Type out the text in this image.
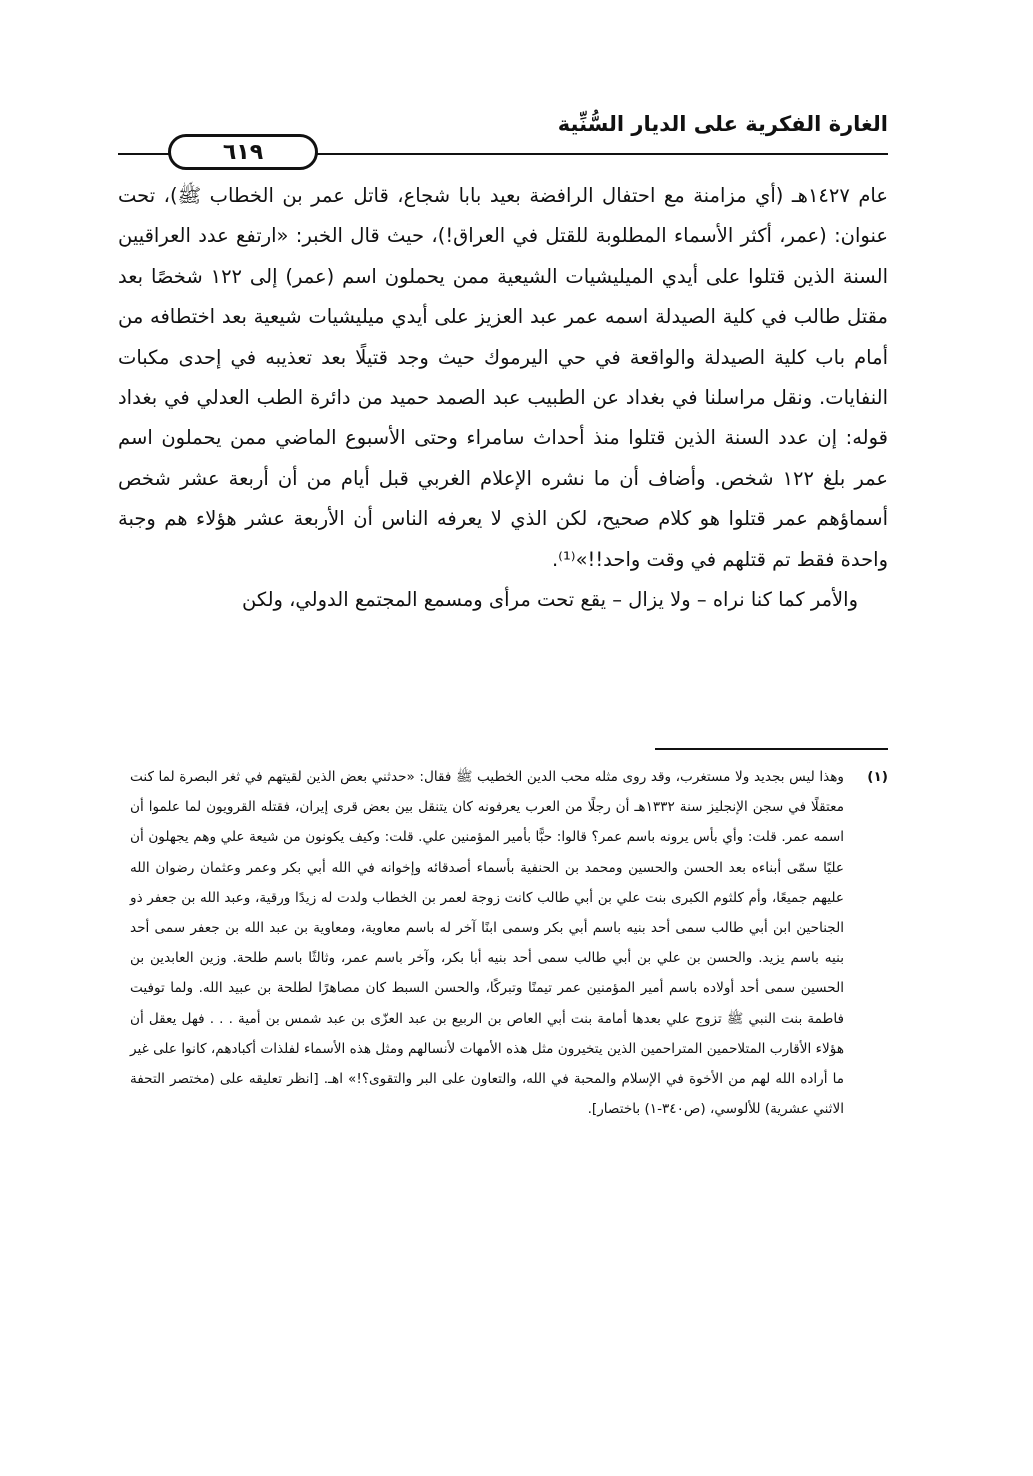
الغارة الفكرية على الديار السُّنِّية
٦١٩

عام ١٤٢٧هـ (أي مزامنة مع احتفال الرافضة بعيد بابا شجاع، قاتل عمر بن الخطاب ﷺ)، تحت عنوان: (عمر، أكثر الأسماء المطلوبة للقتل في العراق!)، حيث قال الخبر: «ارتفع عدد العراقيين السنة الذين قتلوا على أيدي الميليشيات الشيعية ممن يحملون اسم (عمر) إلى ١٢٢ شخصًا بعد مقتل طالب في كلية الصيدلة اسمه عمر عبد العزيز على أيدي ميليشيات شيعية بعد اختطافه من أمام باب كلية الصيدلة والواقعة في حي اليرموك حيث وجد قتيلًا بعد تعذيبه في إحدى مكبات النفايات. ونقل مراسلنا في بغداد عن الطبيب عبد الصمد حميد من دائرة الطب العدلي في بغداد قوله: إن عدد السنة الذين قتلوا منذ أحداث سامراء وحتى الأسبوع الماضي ممن يحملون اسم عمر بلغ ١٢٢ شخص. وأضاف أن ما نشره الإعلام الغربي قبل أيام من أن أربعة عشر شخص أسماؤهم عمر قتلوا هو كلام صحيح، لكن الذي لا يعرفه الناس أن الأربعة عشر هؤلاء هم وجبة واحدة فقط تم قتلهم في وقت واحد!!»⁽¹⁾.

والأمر كما كنا نراه – ولا يزال – يقع تحت مرأى ومسمع المجتمع الدولي، ولكن

(١)
وهذا ليس بجديد ولا مستغرب، وقد روى مثله محب الدين الخطيب ﷺ فقال: «حدثني بعض الذين لقيتهم في ثغر البصرة لما كنت معتقلًا في سجن الإنجليز سنة ١٣٣٢هـ أن رجلًا من العرب يعرفونه كان يتنقل بين بعض قرى إيران، فقتله القرويون لما علموا أن اسمه عمر. قلت: وأي بأس يرونه باسم عمر؟ قالوا: حبًّا بأمير المؤمنين علي. قلت: وكيف يكونون من شيعة علي وهم يجهلون أن عليًا سمّى أبناءه بعد الحسن والحسين ومحمد بن الحنفية بأسماء أصدقائه وإخوانه في الله أبي بكر وعمر وعثمان رضوان الله عليهم جميعًا، وأم كلثوم الكبرى بنت علي بن أبي طالب كانت زوجة لعمر بن الخطاب ولدت له زيدًا ورقية، وعبد الله بن جعفر ذو الجناحين ابن أبي طالب سمى أحد بنيه باسم أبي بكر وسمى ابنًا آخر له باسم معاوية، ومعاوية بن عبد الله بن جعفر سمى أحد بنيه باسم يزيد. والحسن بن علي بن أبي طالب سمى أحد بنيه أبا بكر، وآخر باسم عمر، وثالثًا باسم طلحة. وزين العابدين بن الحسين سمى أحد أولاده باسم أمير المؤمنين عمر تيمنًا وتبركًا، والحسن السبط كان مصاهرًا لطلحة بن عبيد الله. ولما توفيت فاطمة بنت النبي ﷺ تزوج علي بعدها أمامة بنت أبي العاص بن الربيع بن عبد العزّى بن عبد شمس بن أمية . . . فهل يعقل أن هؤلاء الأقارب المتلاحمين المتراحمين الذين يتخيرون مثل هذه الأمهات لأنسالهم ومثل هذه الأسماء لفلذات أكبادهم، كانوا على غير ما أراده الله لهم من الأخوة في الإسلام والمحبة في الله، والتعاون على البر والتقوى؟!» اهـ. [انظر تعليقه على (مختصر التحفة الاثني عشرية) للألوسي، (ص٣٤٠-١) باختصار].
